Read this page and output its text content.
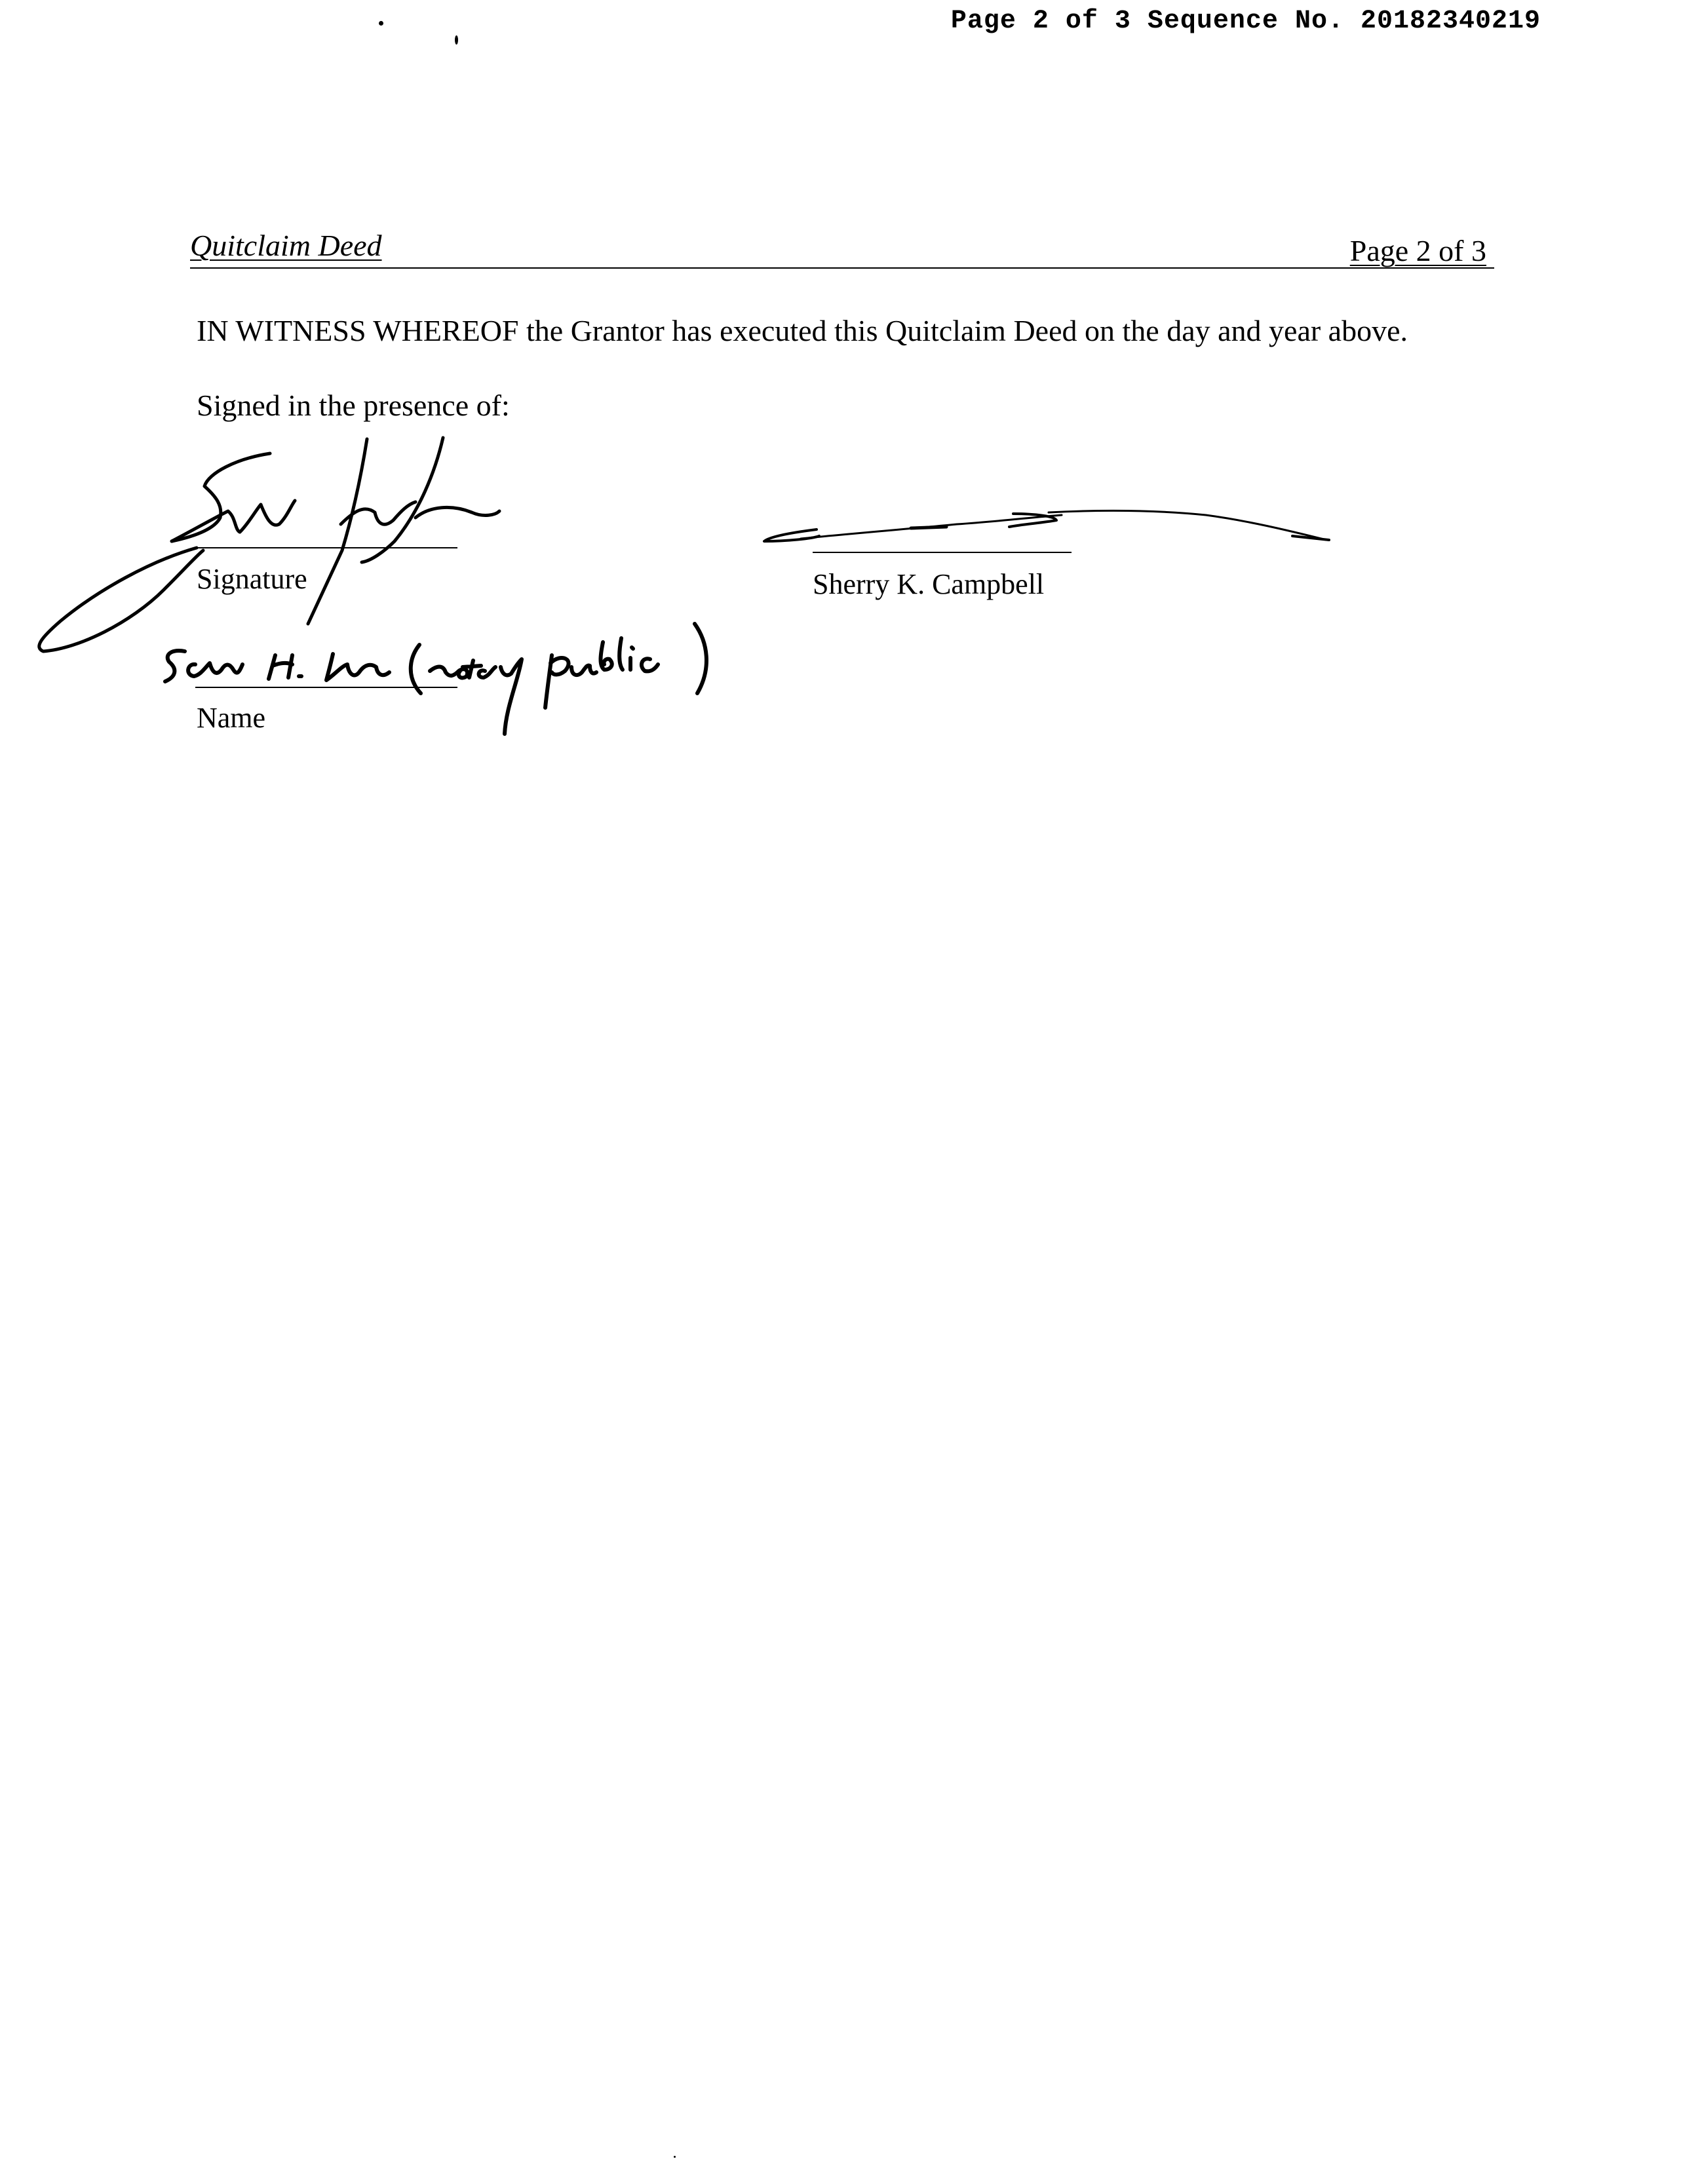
Page 2 of 3 Sequence No. 20182340219
Quitclaim Deed	Page 2 of 3
IN WITNESS WHEREOF the Grantor has executed this Quitclaim Deed on the day and year above.
Signed in the presence of:
Signature
Name
Sherry K. Campbell
